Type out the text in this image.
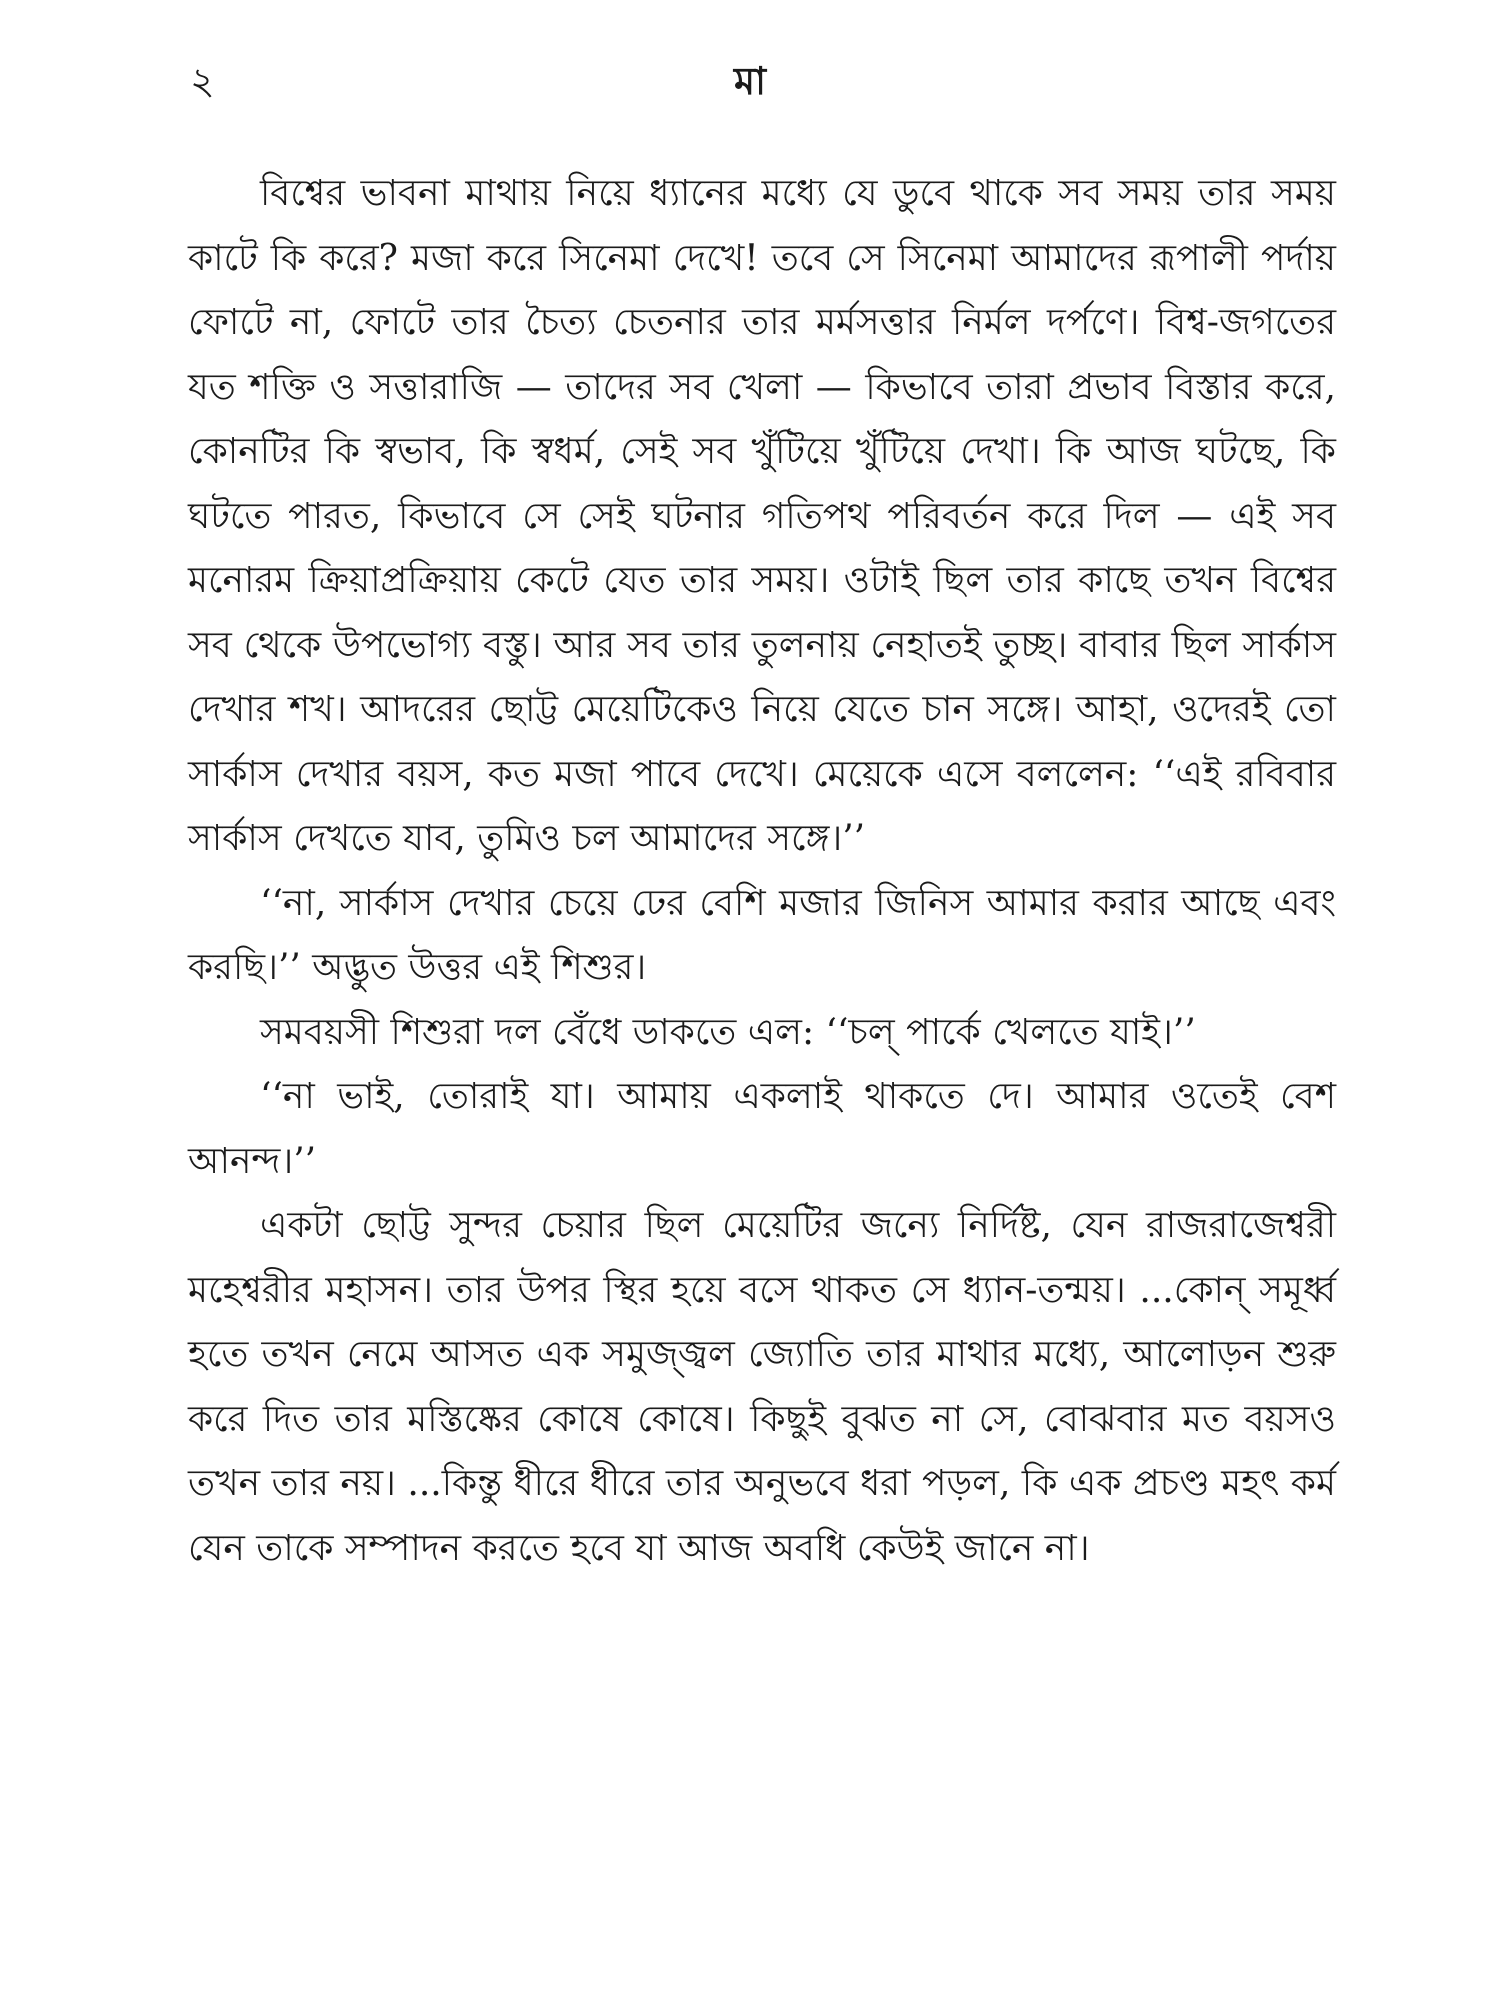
২	মা

বিশ্বের ভাবনা মাথায় নিয়ে ধ্যানের মধ্যে যে ডুবে থাকে সব সময় তার সময় কাটে কি করে? মজা করে সিনেমা দেখে! তবে সে সিনেমা আমাদের রূপালী পর্দায় ফোটে না, ফোটে তার চৈত্য চেতনার তার মর্মসত্তার নির্মল দর্পণে। বিশ্ব-জগতের যত শক্তি ও সত্তারাজি — তাদের সব খেলা — কিভাবে তারা প্রভাব বিস্তার করে, কোনটির কি স্বভাব, কি স্বধর্ম, সেই সব খুঁটিয়ে খুঁটিয়ে দেখা। কি আজ ঘটছে, কি ঘটতে পারত, কিভাবে সে সেই ঘটনার গতিপথ পরিবর্তন করে দিল — এই সব মনোরম ক্রিয়াপ্রক্রিয়ায় কেটে যেত তার সময়। ওটাই ছিল তার কাছে তখন বিশ্বের সব থেকে উপভোগ্য বস্তু। আর সব তার তুলনায় নেহাতই তুচ্ছ। বাবার ছিল সার্কাস দেখার শখ। আদরের ছোট্ট মেয়েটিকেও নিয়ে যেতে চান সঙ্গে। আহা, ওদেরই তো সার্কাস দেখার বয়স, কত মজা পাবে দেখে। মেয়েকে এসে বললেন: ‘‘এই রবিবার সার্কাস দেখতে যাব, তুমিও চল আমাদের সঙ্গে।’’

‘‘না, সার্কাস দেখার চেয়ে ঢের বেশি মজার জিনিস আমার করার আছে এবং করছি।’’ অদ্ভুত উত্তর এই শিশুর।

সমবয়সী শিশুরা দল বেঁধে ডাকতে এল: ‘‘চল্ পার্কে খেলতে যাই।’’

‘‘না ভাই, তোরাই যা। আমায় একলাই থাকতে দে। আমার ওতেই বেশ আনন্দ।’’

একটা ছোট্ট সুন্দর চেয়ার ছিল মেয়েটির জন্যে নির্দিষ্ট, যেন রাজরাজেশ্বরী মহেশ্বরীর মহাসন। তার উপর স্থির হয়ে বসে থাকত সে ধ্যান-তন্ময়। ...কোন্ সমূর্ধ্ব হতে তখন নেমে আসত এক সমুজ্জ্বল জ্যোতি তার মাথার মধ্যে, আলোড়ন শুরু করে দিত তার মস্তিষ্কের কোষে কোষে। কিছুই বুঝত না সে, বোঝবার মত বয়সও তখন তার নয়। ...কিন্তু ধীরে ধীরে তার অনুভবে ধরা পড়ল, কি এক প্রচণ্ড মহৎ কর্ম যেন তাকে সম্পাদন করতে হবে যা আজ অবধি কেউই জানে না।
